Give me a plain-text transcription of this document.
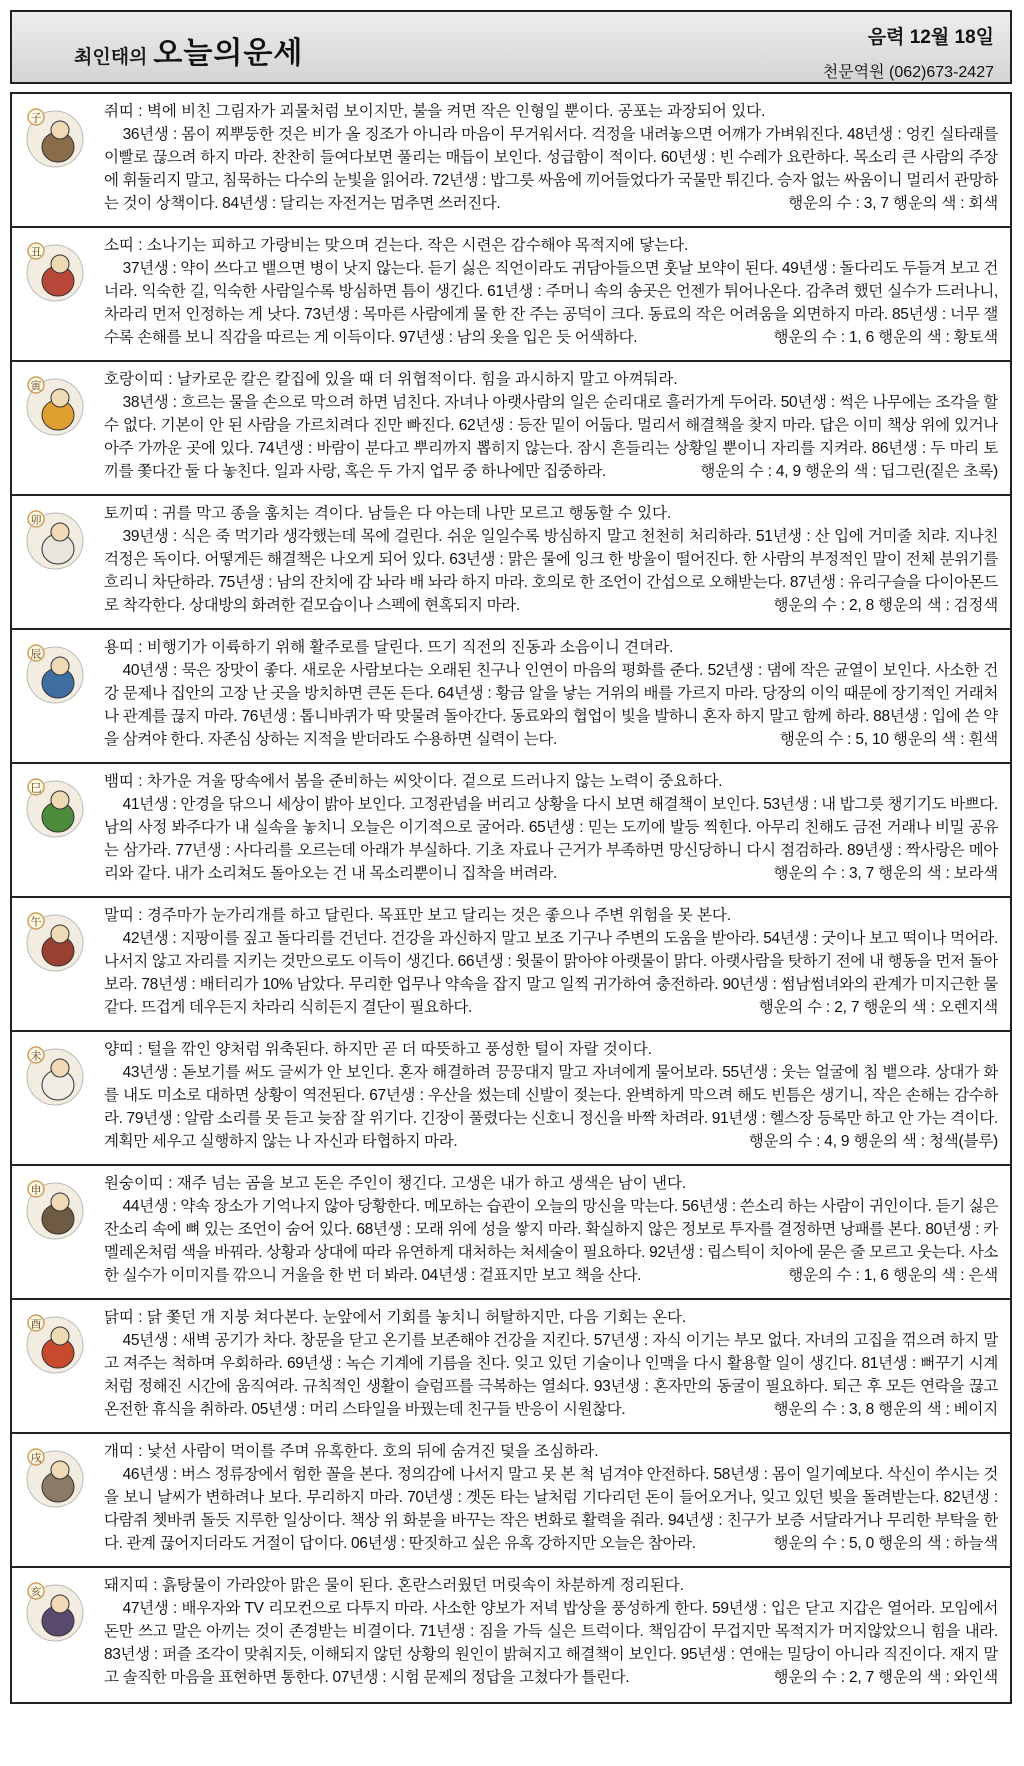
최인태의 오늘의운세	음력 12월 18일
천문역원 (062)673-2427
子	쥐띠 : 벽에 비친 그림자가 괴물처럼 보이지만, 불을 켜면 작은 인형일 뿐이다. 공포는 과장되어 있다.

36년생 : 몸이 찌뿌둥한 것은 비가 올 징조가 아니라 마음이 무거워서다. 걱정을 내려놓으면 어깨가 가벼워진다. 48년생 : 엉킨 실타래를 이빨로 끊으려 하지 마라. 찬찬히 들여다보면 풀리는 매듭이 보인다. 성급함이 적이다. 60년생 : 빈 수레가 요란하다. 목소리 큰 사람의 주장에 휘둘리지 말고, 침묵하는 다수의 눈빛을 읽어라. 72년생 : 밥그릇 싸움에 끼어들었다가 국물만 튀긴다. 승자 없는 싸움이니 멀리서 관망하는 것이 상책이다. 84년생 : 달리는 자전거는 멈추면 쓰러진다.	행운의 수 : 3, 7 행운의 색 : 회색

丑	소띠 : 소나기는 피하고 가랑비는 맞으며 걷는다. 작은 시련은 감수해야 목적지에 닿는다.

37년생 : 약이 쓰다고 뱉으면 병이 낫지 않는다. 듣기 싫은 직언이라도 귀담아들으면 훗날 보약이 된다. 49년생 : 돌다리도 두들겨 보고 건너라. 익숙한 길, 익숙한 사람일수록 방심하면 틈이 생긴다. 61년생 : 주머니 속의 송곳은 언젠가 튀어나온다. 감추려 했던 실수가 드러나니, 차라리 먼저 인정하는 게 낫다. 73년생 : 목마른 사람에게 물 한 잔 주는 공덕이 크다. 동료의 작은 어려움을 외면하지 마라. 85년생 : 너무 잴수록 손해를 보니 직감을 따르는 게 이득이다. 97년생 : 남의 옷을 입은 듯 어색하다.	행운의 수 : 1, 6 행운의 색 : 황토색

寅	호랑이띠 : 날카로운 칼은 칼집에 있을 때 더 위협적이다. 힘을 과시하지 말고 아껴둬라.

38년생 : 흐르는 물을 손으로 막으려 하면 넘친다. 자녀나 아랫사람의 일은 순리대로 흘러가게 두어라. 50년생 : 썩은 나무에는 조각을 할 수 없다. 기본이 안 된 사람을 가르치려다 진만 빠진다. 62년생 : 등잔 밑이 어둡다. 멀리서 해결책을 찾지 마라. 답은 이미 책상 위에 있거나 아주 가까운 곳에 있다. 74년생 : 바람이 분다고 뿌리까지 뽑히지 않는다. 잠시 흔들리는 상황일 뿐이니 자리를 지켜라. 86년생 : 두 마리 토끼를 쫓다간 둘 다 놓친다. 일과 사랑, 혹은 두 가지 업무 중 하나에만 집중하라.	행운의 수 : 4, 9 행운의 색 : 딥그린(짙은 초록)

卯	토끼띠 : 귀를 막고 종을 훔치는 격이다. 남들은 다 아는데 나만 모르고 행동할 수 있다.

39년생 : 식은 죽 먹기라 생각했는데 목에 걸린다. 쉬운 일일수록 방심하지 말고 천천히 처리하라. 51년생 : 산 입에 거미줄 치랴. 지나친 걱정은 독이다. 어떻게든 해결책은 나오게 되어 있다. 63년생 : 맑은 물에 잉크 한 방울이 떨어진다. 한 사람의 부정적인 말이 전체 분위기를 흐리니 차단하라. 75년생 : 남의 잔치에 감 놔라 배 놔라 하지 마라. 호의로 한 조언이 간섭으로 오해받는다. 87년생 : 유리구슬을 다이아몬드로 착각한다. 상대방의 화려한 겉모습이나 스펙에 현혹되지 마라.	행운의 수 : 2, 8 행운의 색 : 검정색

辰	용띠 : 비행기가 이륙하기 위해 활주로를 달린다. 뜨기 직전의 진동과 소음이니 견뎌라.

40년생 : 묵은 장맛이 좋다. 새로운 사람보다는 오래된 친구나 인연이 마음의 평화를 준다. 52년생 : 댐에 작은 균열이 보인다. 사소한 건강 문제나 집안의 고장 난 곳을 방치하면 큰돈 든다. 64년생 : 황금 알을 낳는 거위의 배를 가르지 마라. 당장의 이익 때문에 장기적인 거래처나 관계를 끊지 마라. 76년생 : 톱니바퀴가 딱 맞물려 돌아간다. 동료와의 협업이 빛을 발하니 혼자 하지 말고 함께 하라. 88년생 : 입에 쓴 약을 삼켜야 한다. 자존심 상하는 지적을 받더라도 수용하면 실력이 는다.	행운의 수 : 5, 10 행운의 색 : 흰색

巳	뱀띠 : 차가운 겨울 땅속에서 봄을 준비하는 씨앗이다. 겉으로 드러나지 않는 노력이 중요하다.

41년생 : 안경을 닦으니 세상이 밝아 보인다. 고정관념을 버리고 상황을 다시 보면 해결책이 보인다. 53년생 : 내 밥그릇 챙기기도 바쁘다. 남의 사정 봐주다가 내 실속을 놓치니 오늘은 이기적으로 굴어라. 65년생 : 믿는 도끼에 발등 찍힌다. 아무리 친해도 금전 거래나 비밀 공유는 삼가라. 77년생 : 사다리를 오르는데 아래가 부실하다. 기초 자료나 근거가 부족하면 망신당하니 다시 점검하라. 89년생 : 짝사랑은 메아리와 같다. 내가 소리쳐도 돌아오는 건 내 목소리뿐이니 집착을 버려라.	행운의 수 : 3, 7 행운의 색 : 보라색

午	말띠 : 경주마가 눈가리개를 하고 달린다. 목표만 보고 달리는 것은 좋으나 주변 위험을 못 본다.

42년생 : 지팡이를 짚고 돌다리를 건넌다. 건강을 과신하지 말고 보조 기구나 주변의 도움을 받아라. 54년생 : 굿이나 보고 떡이나 먹어라. 나서지 않고 자리를 지키는 것만으로도 이득이 생긴다. 66년생 : 윗물이 맑아야 아랫물이 맑다. 아랫사람을 탓하기 전에 내 행동을 먼저 돌아보라. 78년생 : 배터리가 10% 남았다. 무리한 업무나 약속을 잡지 말고 일찍 귀가하여 충전하라. 90년생 : 썸남썸녀와의 관계가 미지근한 물 같다. 뜨겁게 데우든지 차라리 식히든지 결단이 필요하다.	행운의 수 : 2, 7 행운의 색 : 오렌지색

未	양띠 : 털을 깎인 양처럼 위축된다. 하지만 곧 더 따뜻하고 풍성한 털이 자랄 것이다.

43년생 : 돋보기를 써도 글씨가 안 보인다. 혼자 해결하려 끙끙대지 말고 자녀에게 물어보라. 55년생 : 웃는 얼굴에 침 뱉으랴. 상대가 화를 내도 미소로 대하면 상황이 역전된다. 67년생 : 우산을 썼는데 신발이 젖는다. 완벽하게 막으려 해도 빈틈은 생기니, 작은 손해는 감수하라. 79년생 : 알람 소리를 못 듣고 늦잠 잘 위기다. 긴장이 풀렸다는 신호니 정신을 바짝 차려라. 91년생 : 헬스장 등록만 하고 안 가는 격이다. 계획만 세우고 실행하지 않는 나 자신과 타협하지 마라.	행운의 수 : 4, 9 행운의 색 : 청색(블루)

申	원숭이띠 : 재주 넘는 곰을 보고 돈은 주인이 챙긴다. 고생은 내가 하고 생색은 남이 낸다.

44년생 : 약속 장소가 기억나지 않아 당황한다. 메모하는 습관이 오늘의 망신을 막는다. 56년생 : 쓴소리 하는 사람이 귀인이다. 듣기 싫은 잔소리 속에 뼈 있는 조언이 숨어 있다. 68년생 : 모래 위에 성을 쌓지 마라. 확실하지 않은 정보로 투자를 결정하면 낭패를 본다. 80년생 : 카멜레온처럼 색을 바꿔라. 상황과 상대에 따라 유연하게 대처하는 처세술이 필요하다. 92년생 : 립스틱이 치아에 묻은 줄 모르고 웃는다. 사소한 실수가 이미지를 깎으니 거울을 한 번 더 봐라. 04년생 : 겉표지만 보고 책을 산다.	행운의 수 : 1, 6 행운의 색 : 은색

酉	닭띠 : 닭 쫓던 개 지붕 쳐다본다. 눈앞에서 기회를 놓치니 허탈하지만, 다음 기회는 온다.

45년생 : 새벽 공기가 차다. 창문을 닫고 온기를 보존해야 건강을 지킨다. 57년생 : 자식 이기는 부모 없다. 자녀의 고집을 꺾으려 하지 말고 져주는 척하며 우회하라. 69년생 : 녹슨 기계에 기름을 친다. 잊고 있던 기술이나 인맥을 다시 활용할 일이 생긴다. 81년생 : 뻐꾸기 시계처럼 정해진 시간에 움직여라. 규칙적인 생활이 슬럼프를 극복하는 열쇠다. 93년생 : 혼자만의 동굴이 필요하다. 퇴근 후 모든 연락을 끊고 온전한 휴식을 취하라. 05년생 : 머리 스타일을 바꿨는데 친구들 반응이 시원찮다.	행운의 수 : 3, 8 행운의 색 : 베이지

戌	개띠 : 낯선 사람이 먹이를 주며 유혹한다. 호의 뒤에 숨겨진 덫을 조심하라.

46년생 : 버스 정류장에서 험한 꼴을 본다. 정의감에 나서지 말고 못 본 척 넘겨야 안전하다. 58년생 : 몸이 일기예보다. 삭신이 쑤시는 것을 보니 날씨가 변하려나 보다. 무리하지 마라. 70년생 : 곗돈 타는 날처럼 기다리던 돈이 들어오거나, 잊고 있던 빚을 돌려받는다. 82년생 : 다람쥐 쳇바퀴 돌듯 지루한 일상이다. 책상 위 화분을 바꾸는 작은 변화로 활력을 줘라. 94년생 : 친구가 보증 서달라거나 무리한 부탁을 한다. 관계 끊어지더라도 거절이 답이다. 06년생 : 딴짓하고 싶은 유혹 강하지만 오늘은 참아라.	행운의 수 : 5, 0 행운의 색 : 하늘색

亥	돼지띠 : 흙탕물이 가라앉아 맑은 물이 된다. 혼란스러웠던 머릿속이 차분하게 정리된다.

47년생 : 배우자와 TV 리모컨으로 다투지 마라. 사소한 양보가 저녁 밥상을 풍성하게 한다. 59년생 : 입은 닫고 지갑은 열어라. 모임에서 돈만 쓰고 말은 아끼는 것이 존경받는 비결이다. 71년생 : 짐을 가득 실은 트럭이다. 책임감이 무겁지만 목적지가 머지않았으니 힘을 내라. 83년생 : 퍼즐 조각이 맞춰지듯, 이해되지 않던 상황의 원인이 밝혀지고 해결책이 보인다. 95년생 : 연애는 밀당이 아니라 직진이다. 재지 말고 솔직한 마음을 표현하면 통한다. 07년생 : 시험 문제의 정답을 고쳤다가 틀린다.	행운의 수 : 2, 7 행운의 색 : 와인색
